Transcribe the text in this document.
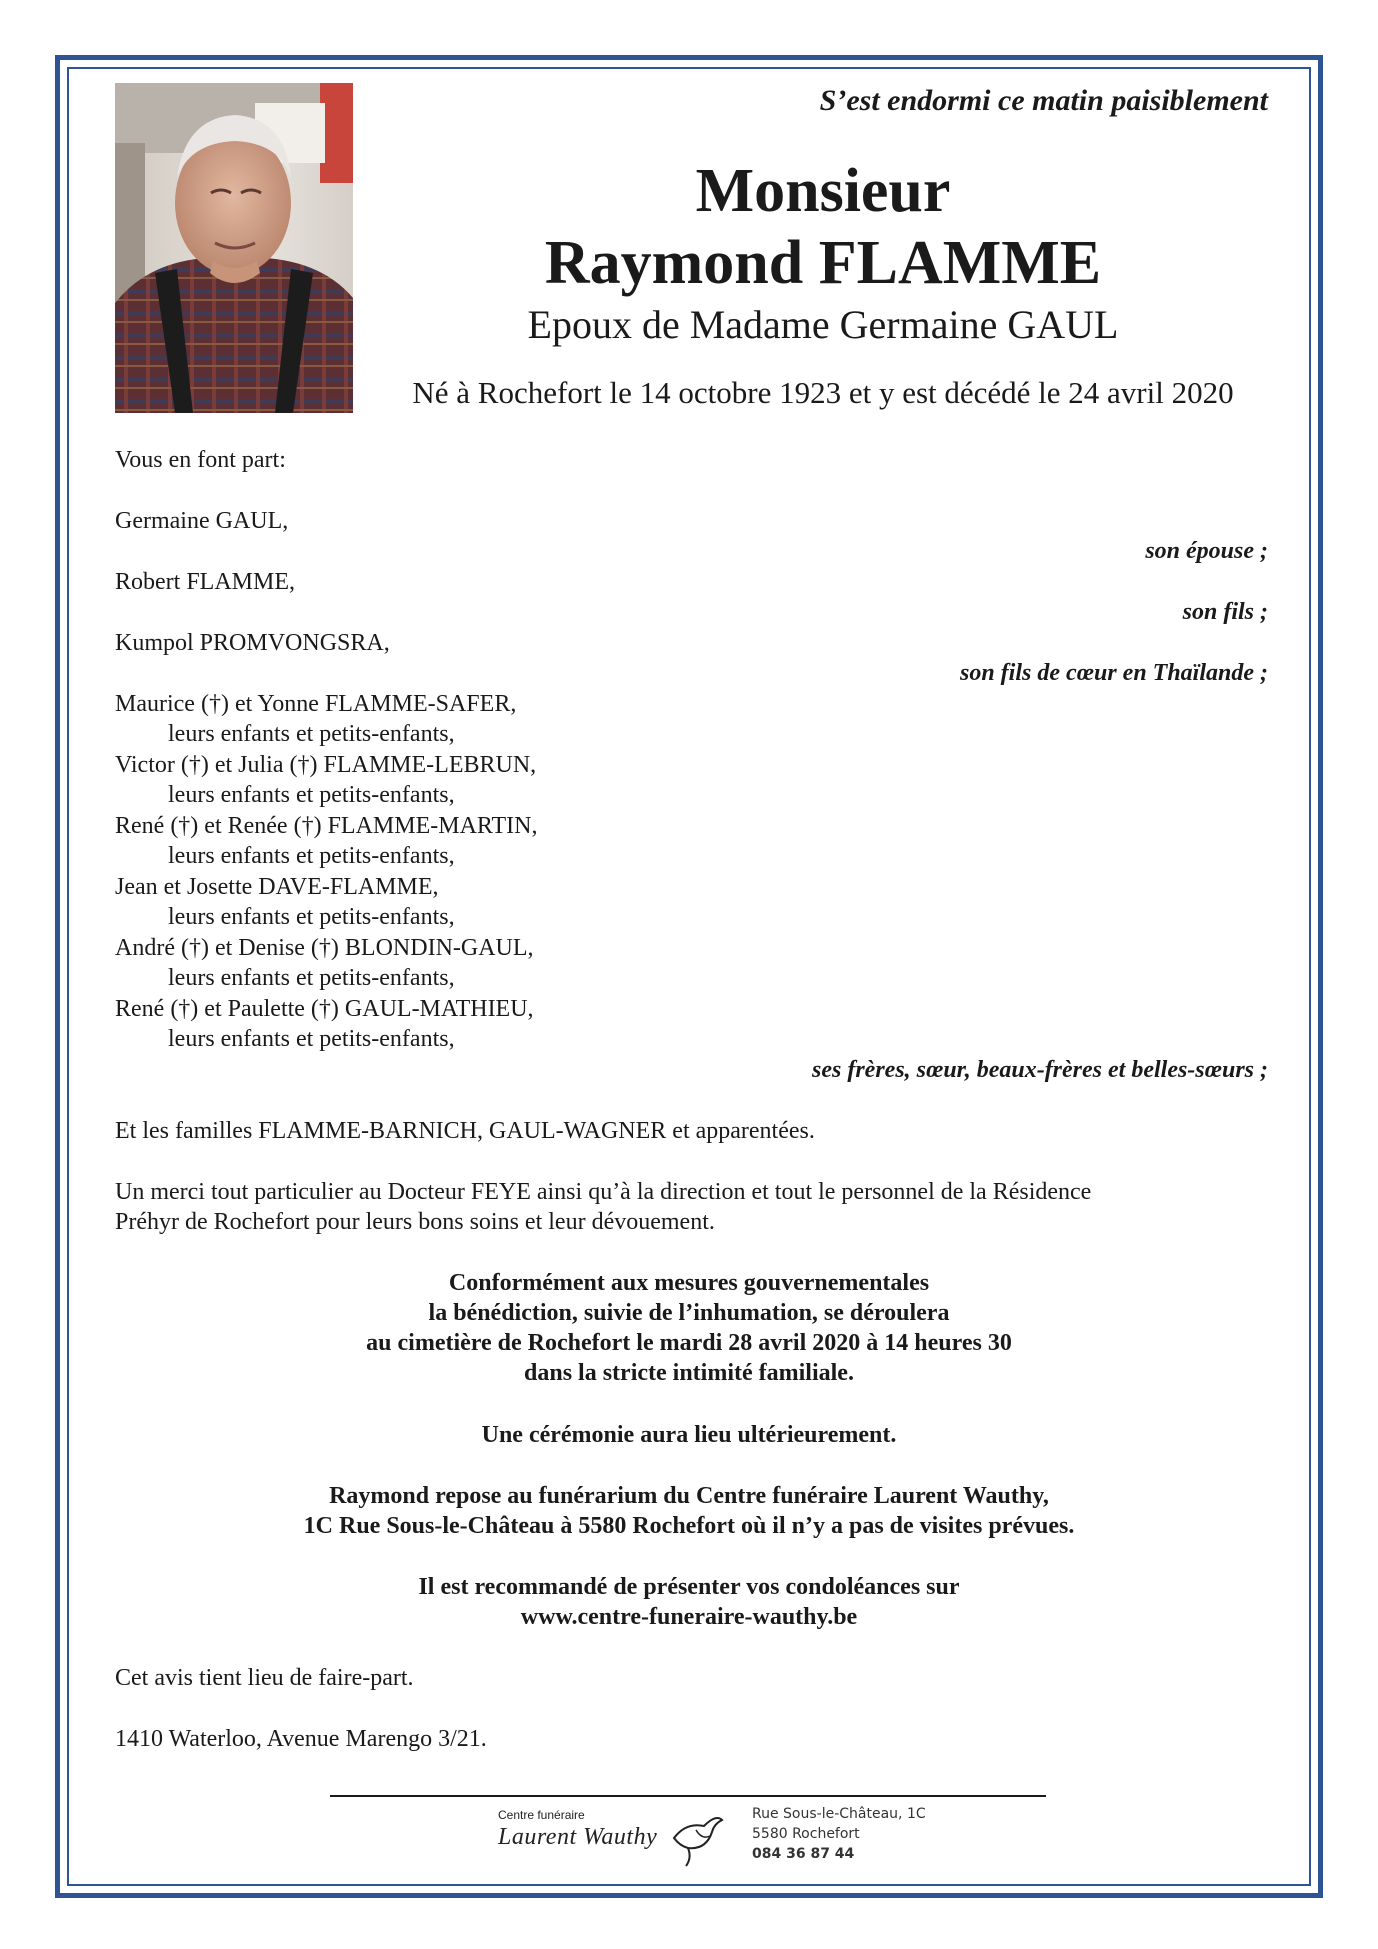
S’est endormi ce matin paisiblement
Monsieur
Raymond FLAMME
Epoux de Madame Germaine GAUL
Né à Rochefort le 14 octobre 1923 et y est décédé le 24 avril 2020
Vous en font part:
Germaine GAUL,
son épouse ;
Robert FLAMME,
son fils ;
Kumpol PROMVONGSRA,
son fils de cœur en Thaïlande ;
Maurice (†) et Yonne FLAMME-SAFER,
leurs enfants et petits-enfants,
Victor (†) et Julia (†) FLAMME-LEBRUN,
leurs enfants et petits-enfants,
René (†) et Renée (†) FLAMME-MARTIN,
leurs enfants et petits-enfants,
Jean et Josette DAVE-FLAMME,
leurs enfants et petits-enfants,
André (†) et Denise (†) BLONDIN-GAUL,
leurs enfants et petits-enfants,
René (†) et Paulette (†) GAUL-MATHIEU,
leurs enfants et petits-enfants,
ses frères, sœur, beaux-frères et belles-sœurs ;
Et les familles FLAMME-BARNICH, GAUL-WAGNER et apparentées.
Un merci tout particulier au Docteur FEYE ainsi qu’à la direction et tout le personnel de la Résidence
Préhyr de Rochefort pour leurs bons soins et leur dévouement.
Conformément aux mesures gouvernementales
la bénédiction, suivie de l’inhumation, se déroulera
au cimetière de Rochefort le mardi 28 avril 2020 à 14 heures 30
dans la stricte intimité familiale.
Une cérémonie aura lieu ultérieurement.
Raymond repose au funérarium du Centre funéraire Laurent Wauthy,
1C Rue Sous-le-Château à 5580 Rochefort où il n’y a pas de visites prévues.
Il est recommandé de présenter vos condoléances sur
www.centre-funeraire-wauthy.be
Cet avis tient lieu de faire-part.
1410 Waterloo, Avenue Marengo 3/21.
Centre funéraire
Laurent Wauthy
Rue Sous-le-Château, 1C
5580 Rochefort
084 36 87 44
